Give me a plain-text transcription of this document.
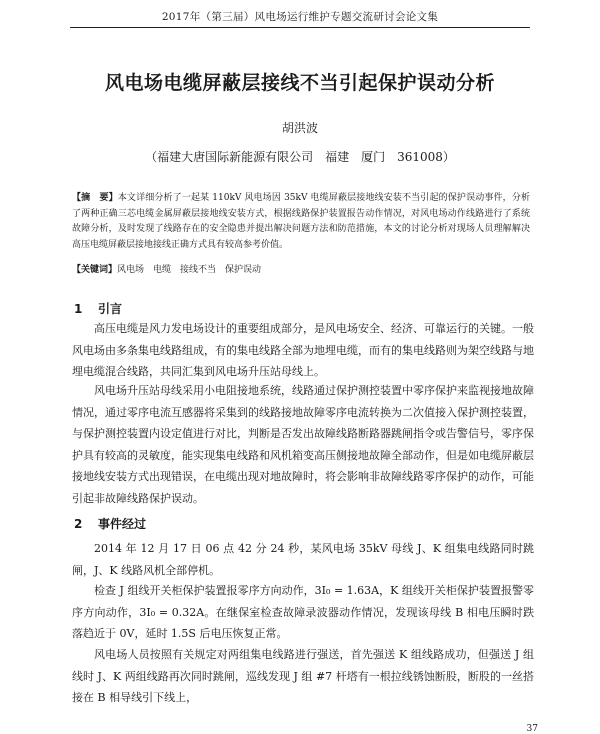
2017年（第三届）风电场运行维护专题交流研讨会论文集
风电场电缆屏蔽层接线不当引起保护误动分析
胡洪波
（福建大唐国际新能源有限公司　福建　厦门　361008）
【摘　要】本文详细分析了一起某 110kV 风电场因 35kV 电缆屏蔽层接地线安装不当引起的保护误动事件，分析了两种正确三芯电缆金属屏蔽层接地线安装方式，根据线路保护装置报告动作情况，对风电场动作线路进行了系统故障分析，及时发现了线路存在的安全隐患并提出解决问题方法和防范措施，本文的讨论分析对现场人员理解解决高压电缆屏蔽层接地接线正确方式具有较高参考价值。
【关键词】风电场　电缆　接线不当　保护误动
1 引言

高压电缆是风力发电场设计的重要组成部分，是风电场安全、经济、可靠运行的关键。一般风电场由多条集电线路组成，有的集电线路全部为地埋电缆，而有的集电线路则为架空线路与地埋电缆混合线路，共同汇集到风电场升压站母线上。

风电场升压站母线采用小电阻接地系统，线路通过保护测控装置中零序保护来监视接地故障情况，通过零序电流互感器将采集到的线路接地故障零序电流转换为二次值接入保护测控装置，与保护测控装置内设定值进行对比，判断是否发出故障线路断路器跳闸指令或告警信号，零序保护具有较高的灵敏度，能实现集电线路和风机箱变高压侧接地故障全部动作，但是如电缆屏蔽层接地线安装方式出现错误，在电缆出现对地故障时，将会影响非故障线路零序保护的动作，可能引起非故障线路保护误动。

2 事件经过

2014 年 12 月 17 日 06 点 42 分 24 秒，某风电场 35kV 母线 J、K 组集电线路同时跳闸，J、K 线路风机全部停机。

检查 J 组线开关柜保护装置报零序方向动作，3I₀ = 1.63A，K 组线开关柜保护装置报警零序方向动作，3I₀ = 0.32A。在继保室检查故障录波器动作情况，发现该母线 B 相电压瞬时跌落趋近于 0V，延时 1.5S 后电压恢复正常。

风电场人员按照有关规定对两组集电线路进行强送，首先强送 K 组线路成功，但强送 J 组线时 J、K 两组线路再次同时跳闸，巡线发现 J 组 #7 杆塔有一根拉线锈蚀断股，断股的一丝搭接在 B 相导线引下线上，

37
